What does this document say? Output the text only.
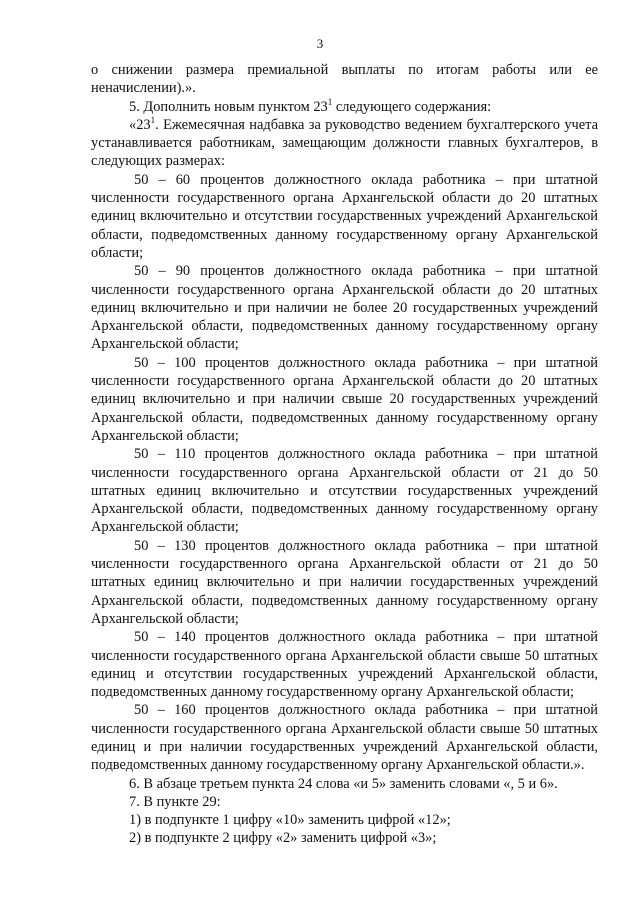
3

о снижении размера премиальной выплаты по итогам работы или ее неначислении).».

5. Дополнить новым пунктом $23^1$ следующего содержания:

«$23^1$. Ежемесячная надбавка за руководство ведением бухгалтерского учета устанавливается работникам, замещающим должности главных бухгалтеров, в следующих размерах:

50 – 60 процентов должностного оклада работника – при штатной численности государственного органа Архангельской области до 20 штатных единиц включительно и отсутствии государственных учреждений Архангельской области, подведомственных данному государственному органу Архангельской области;

50 – 90 процентов должностного оклада работника – при штатной численности государственного органа Архангельской области до 20 штатных единиц включительно и при наличии не более 20 государственных учреждений Архангельской области, подведомственных данному государственному органу Архангельской области;

50 – 100 процентов должностного оклада работника – при штатной численности государственного органа Архангельской области до 20 штатных единиц включительно и при наличии свыше 20 государственных учреждений Архангельской области, подведомственных данному государственному органу Архангельской области;

50 – 110 процентов должностного оклада работника – при штатной численности государственного органа Архангельской области от 21 до 50 штатных единиц включительно и отсутствии государственных учреждений Архангельской области, подведомственных данному государственному органу Архангельской области;

50 – 130 процентов должностного оклада работника – при штатной численности государственного органа Архангельской области от 21 до 50 штатных единиц включительно и при наличии государственных учреждений Архангельской области, подведомственных данному государственному органу Архангельской области;

50 – 140 процентов должностного оклада работника – при штатной численности государственного органа Архангельской области свыше 50 штатных единиц и отсутствии государственных учреждений Архангельской области, подведомственных данному государственному органу Архангельской области;

50 – 160 процентов должностного оклада работника – при штатной численности государственного органа Архангельской области свыше 50 штатных единиц и при наличии государственных учреждений Архангельской области, подведомственных данному государственному органу Архангельской области.».

6. В абзаце третьем пункта 24 слова «и 5» заменить словами «, 5 и 6».

7. В пункте 29:

1) в подпункте 1 цифру «10» заменить цифрой «12»;

2) в подпункте 2 цифру «2» заменить цифрой «3»;
